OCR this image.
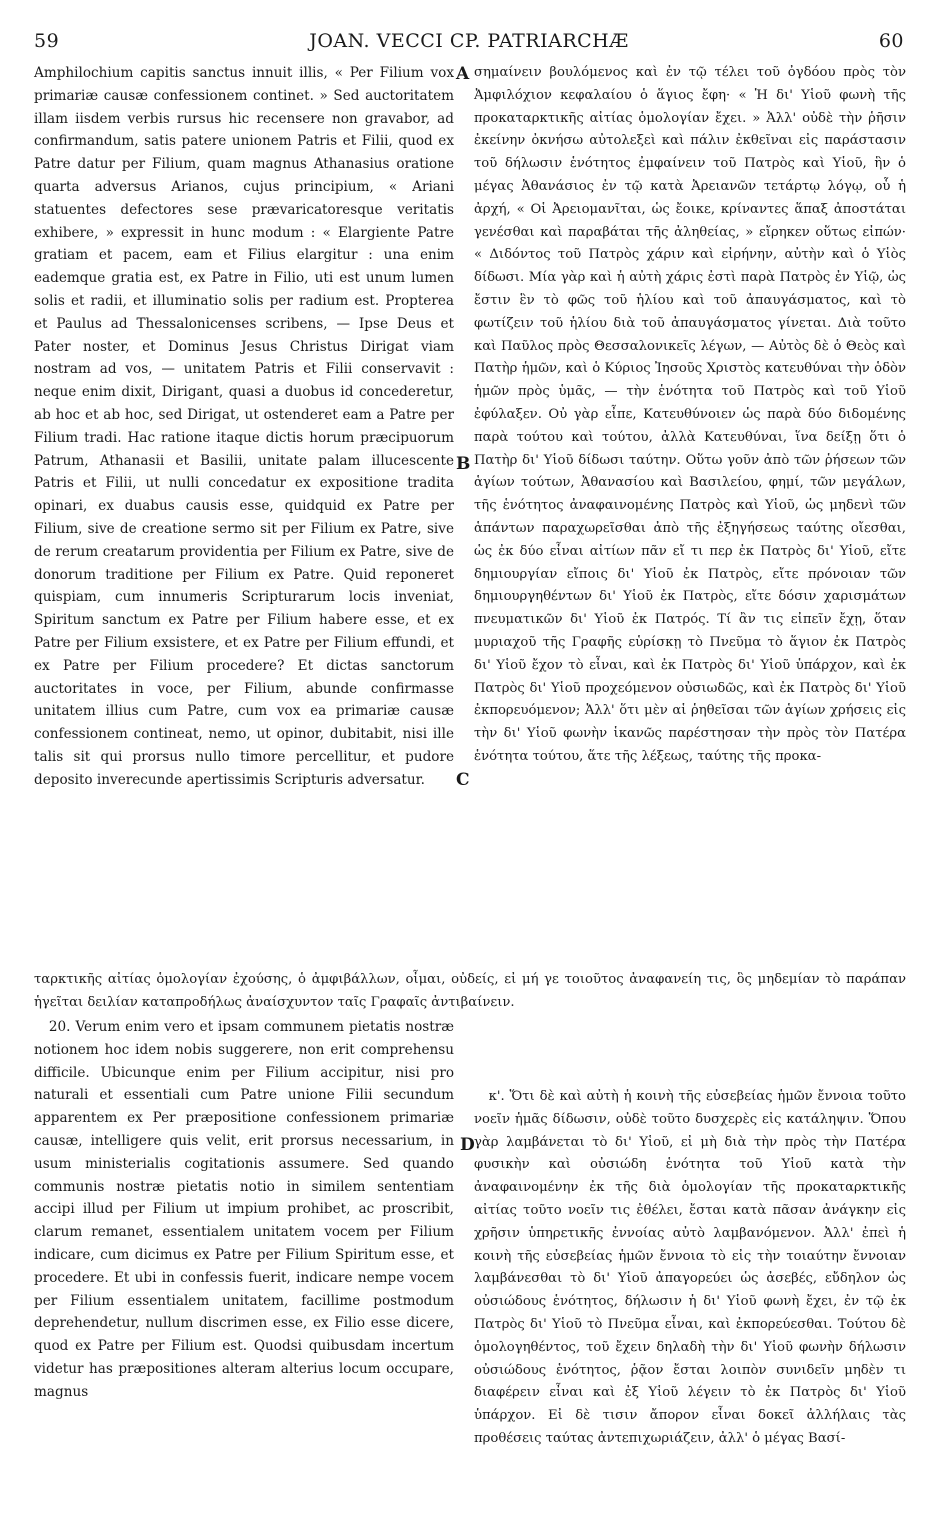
59	JOAN. VECCI CP. PATRIARCHÆ	60
A
B
C
D

Amphilochium capitis sanctus innuit illis, « Per Filium vox primariæ causæ confessionem continet. » Sed auctoritatem illam iisdem verbis rursus hic recensere non gravabor, ad confirmandum, satis patere unionem Patris et Filii, quod ex Patre datur per Filium, quam magnus Athanasius oratione quarta adversus Arianos, cujus principium, « Ariani statuentes defectores sese prævaricatoresque veritatis exhibere, » expressit in hunc modum : « Elargiente Patre gratiam et pacem, eam et Filius elargitur : una enim eademque gratia est, ex Patre in Filio, uti est unum lumen solis et radii, et illuminatio solis per radium est. Propterea et Paulus ad Thessalonicenses scribens, — Ipse Deus et Pater noster, et Dominus Jesus Christus Dirigat viam nostram ad vos, — unitatem Patris et Filii conservavit : neque enim dixit, Dirigant, quasi a duobus id concederetur, ab hoc et ab hoc, sed Dirigat, ut ostenderet eam a Patre per Filium tradi. Hac ratione itaque dictis horum præcipuorum Patrum, Athanasii et Basilii, unitate palam illucescente Patris et Filii, ut nulli concedatur ex expositione tradita opinari, ex duabus causis esse, quidquid ex Patre per Filium, sive de creatione sermo sit per Filium ex Patre, sive de rerum creatarum providentia per Filium ex Patre, sive de donorum traditione per Filium ex Patre. Quid reponeret quispiam, cum innumeris Scripturarum locis inveniat, Spiritum sanctum ex Patre per Filium habere esse, et ex Patre per Filium exsistere, et ex Patre per Filium effundi, et ex Patre per Filium procedere? Et dictas sanctorum auctoritates in voce, per Filium, abunde confirmasse unitatem illius cum Patre, cum vox ea primariæ causæ confessionem contineat, nemo, ut opinor, dubitabit, nisi ille talis sit qui prorsus nullo timore percellitur, et pudore deposito inverecunde apertissimis Scripturis adversatur.

σημαίνειν βουλόμενος καὶ ἐν τῷ τέλει τοῦ ὀγδόου πρὸς τὸν Ἀμφιλόχιον κεφαλαίου ὁ ἅγιος ἔφη· « Ἡ δι' Υἱοῦ φωνὴ τῆς προκαταρκτικῆς αἰτίας ὁμολογίαν ἔχει. » Ἀλλ' οὐδὲ τὴν ῥῆσιν ἐκείνην ὀκνήσω αὐτολεξεὶ καὶ πάλιν ἐκθεῖναι εἰς παράστασιν τοῦ δήλωσιν ἑνότητος ἐμφαίνειν τοῦ Πατρὸς καὶ Υἱοῦ, ἣν ὁ μέγας Ἀθανάσιος ἐν τῷ κατὰ Ἀρειανῶν τετάρτῳ λόγῳ, οὗ ἡ ἀρχή, « Οἱ Ἀρειομανῖται, ὡς ἔοικε, κρίναντες ἅπαξ ἀποστάται γενέσθαι καὶ παραβάται τῆς ἀληθείας, » εἴρηκεν οὕτως εἰπών· « Διδόντος τοῦ Πατρὸς χάριν καὶ εἰρήνην, αὐτὴν καὶ ὁ Υἱὸς δίδωσι. Μία γὰρ καὶ ἡ αὐτὴ χάρις ἐστὶ παρὰ Πατρὸς ἐν Υἱῷ, ὡς ἔστιν ἓν τὸ φῶς τοῦ ἡλίου καὶ τοῦ ἀπαυγάσματος, καὶ τὸ φωτίζειν τοῦ ἡλίου διὰ τοῦ ἀπαυγάσματος γίνεται. Διὰ τοῦτο καὶ Παῦλος πρὸς Θεσσαλονικεῖς λέγων, — Αὐτὸς δὲ ὁ Θεὸς καὶ Πατὴρ ἡμῶν, καὶ ὁ Κύριος Ἰησοῦς Χριστὸς κατευθύναι τὴν ὁδὸν ἡμῶν πρὸς ὑμᾶς, — τὴν ἑνότητα τοῦ Πατρὸς καὶ τοῦ Υἱοῦ ἐφύλαξεν. Οὐ γὰρ εἶπε, Κατευθύνοιεν ὡς παρὰ δύο διδομένης παρὰ τούτου καὶ τούτου, ἀλλὰ Κατευθύναι, ἵνα δείξῃ ὅτι ὁ Πατὴρ δι' Υἱοῦ δίδωσι ταύτην. Οὕτω γοῦν ἀπὸ τῶν ῥήσεων τῶν ἁγίων τούτων, Ἀθανασίου καὶ Βασιλείου, φημί, τῶν μεγάλων, τῆς ἑνότητος ἀναφαινομένης Πατρὸς καὶ Υἱοῦ, ὡς μηδενὶ τῶν ἁπάντων παραχωρεῖσθαι ἀπὸ τῆς ἐξηγήσεως ταύτης οἴεσθαι, ὡς ἐκ δύο εἶναι αἰτίων πᾶν εἴ τι περ ἐκ Πατρὸς δι' Υἱοῦ, εἴτε δημιουργίαν εἴποις δι' Υἱοῦ ἐκ Πατρὸς, εἴτε πρόνοιαν τῶν δημιουργηθέντων δι' Υἱοῦ ἐκ Πατρὸς, εἴτε δόσιν χαρισμάτων πνευματικῶν δι' Υἱοῦ ἐκ Πατρός. Τί ἂν τις εἰπεῖν ἔχῃ, ὅταν μυριαχοῦ τῆς Γραφῆς εὑρίσκῃ τὸ Πνεῦμα τὸ ἅγιον ἐκ Πατρὸς δι' Υἱοῦ ἔχον τὸ εἶναι, καὶ ἐκ Πατρὸς δι' Υἱοῦ ὑπάρχον, καὶ ἐκ Πατρὸς δι' Υἱοῦ προχεόμενον οὐσιωδῶς, καὶ ἐκ Πατρὸς δι' Υἱοῦ ἐκπορευόμενον; Ἀλλ' ὅτι μὲν αἱ ῥηθεῖσαι τῶν ἁγίων χρήσεις εἰς τὴν δι' Υἱοῦ φωνὴν ἱκανῶς παρέστησαν τὴν πρὸς τὸν Πατέρα ἑνότητα τούτου, ἅτε τῆς λέξεως, ταύτης τῆς προκα-

ταρκτικῆς αἰτίας ὁμολογίαν ἐχούσης, ὁ ἀμφιβάλλων, οἶμαι, οὐδείς, εἰ μή γε τοιοῦτος ἀναφανείη τις, ὃς μηδεμίαν τὸ παράπαν ἡγεῖται δειλίαν καταπροδήλως ἀναίσχυντον ταῖς Γραφαῖς ἀντιβαίνειν.

20. Verum enim vero et ipsam communem pietatis nostræ notionem hoc idem nobis suggerere, non erit comprehensu difficile. Ubicunque enim per Filium accipitur, nisi pro naturali et essentiali cum Patre unione Filii secundum apparentem ex Per præpositione confessionem primariæ causæ, intelligere quis velit, erit prorsus necessarium, in usum ministerialis cogitationis assumere. Sed quando communis nostræ pietatis notio in similem sententiam accipi illud per Filium ut impium prohibet, ac proscribit, clarum remanet, essentialem unitatem vocem per Filium indicare, cum dicimus ex Patre per Filium Spiritum esse, et procedere. Et ubi in confessis fuerit, indicare nempe vocem per Filium essentialem unitatem, facillime postmodum deprehendetur, nullum discrimen esse, ex Filio esse dicere, quod ex Patre per Filium est. Quodsi quibusdam incertum videtur has præpositiones alteram alterius locum occupare, magnus

κ'. Ὅτι δὲ καὶ αὐτὴ ἡ κοινὴ τῆς εὐσεβείας ἡμῶν ἔννοια τοῦτο νοεῖν ἡμᾶς δίδωσιν, οὐδὲ τοῦτο δυσχερὲς εἰς κατάληψιν. Ὅπου γὰρ λαμβάνεται τὸ δι' Υἱοῦ, εἰ μὴ διὰ τὴν πρὸς τὴν Πατέρα φυσικὴν καὶ οὐσιώδη ἑνότητα τοῦ Υἱοῦ κατὰ τὴν ἀναφαινομένην ἐκ τῆς διὰ ὁμολογίαν τῆς προκαταρκτικῆς αἰτίας τοῦτο νοεῖν τις ἐθέλει, ἔσται κατὰ πᾶσαν ἀνάγκην εἰς χρῆσιν ὑπηρετικῆς ἐννοίας αὐτὸ λαμβανόμενον. Ἀλλ' ἐπεὶ ἡ κοινὴ τῆς εὐσεβείας ἡμῶν ἔννοια τὸ εἰς τὴν τοιαύτην ἔννοιαν λαμβάνεσθαι τὸ δι' Υἱοῦ ἀπαγορεύει ὡς ἀσεβές, εὔδηλον ὡς οὐσιώδους ἑνότητος, δήλωσιν ἡ δι' Υἱοῦ φωνὴ ἔχει, ἐν τῷ ἐκ Πατρὸς δι' Υἱοῦ τὸ Πνεῦμα εἶναι, καὶ ἐκπορεύεσθαι. Τούτου δὲ ὁμολογηθέντος, τοῦ ἔχειν δηλαδὴ τὴν δι' Υἱοῦ φωνὴν δήλωσιν οὐσιώδους ἑνότητος, ῥᾷον ἔσται λοιπὸν συνιδεῖν μηδὲν τι διαφέρειν εἶναι καὶ ἐξ Υἱοῦ λέγειν τὸ ἐκ Πατρὸς δι' Υἱοῦ ὑπάρχον. Εἰ δὲ τισιν ἄπορον εἶναι δοκεῖ ἀλλήλαις τὰς προθέσεις ταύτας ἀντεπιχωριάζειν, ἀλλ' ὁ μέγας Βασί-
